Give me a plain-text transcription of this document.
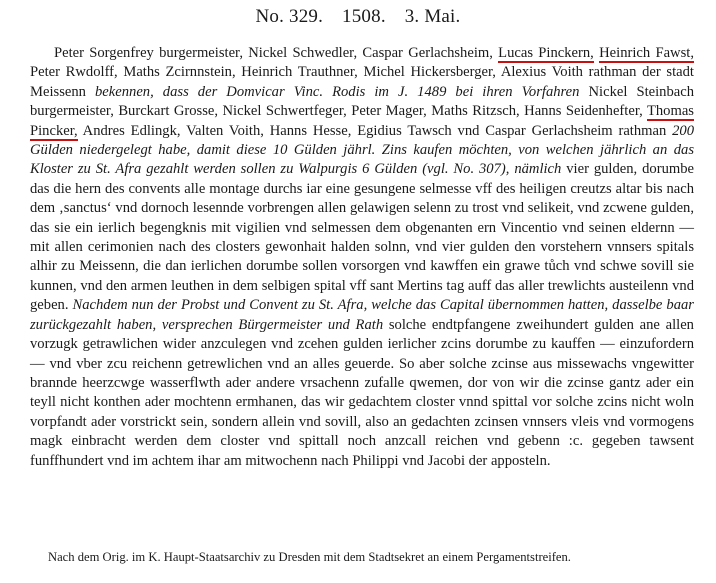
No. 329. 1508. 3. Mai.

Peter Sorgenfrey burgermeister, Nickel Schwedler, Caspar Gerlachsheim, Lucas Pinckern, Heinrich Fawst, Peter Rwdolff, Maths Zcirnnstein, Heinrich Trauthner, Michel Hickersberger, Alexius Voith rathman der stadt Meissenn bekennen, dass der Domvicar Vinc. Rodis im J. 1489 bei ihren Vorfahren Nickel Steinbach burgermeister, Burckart Grosse, Nickel Schwertfeger, Peter Mager, Maths Ritzsch, Hanns Seidenhefter, Thomas Pincker, Andres Edlingk, Valten Voith, Hanns Hesse, Egidius Tawsch vnd Caspar Gerlachsheim rathman 200 Gülden niedergelegt habe, damit diese 10 Gülden jährl. Zins kaufen möchten, von welchen jährlich an das Kloster zu St. Afra gezahlt werden sollen zu Walpurgis 6 Gülden (vgl. No. 307), nämlich vier gulden, dorumbe das die hern des convents alle montage durchs iar eine gesungene selmesse vff des heiligen creutzs altar bis nach dem ‚sanctus‘ vnd dornoch lesennde vorbrengen allen gelawigen selenn zu trost vnd selikeit, vnd zcwene gulden, das sie ein ierlich begengknis mit vigilien vnd selmessen dem obgenanten ern Vincentio vnd seinen eldernn — mit allen cerimonien nach des closters gewonhait halden solnn, vnd vier gulden den vorstehern vnnsers spitals alhir zu Meissenn, die dan ierlichen dorumbe sollen vorsorgen vnd kawffen ein grawe tůch vnd schwe sovill sie kunnen, vnd den armen leuthen in dem selbigen spital vff sant Mertins tag auff das aller trewlichts austeilenn vnd geben. Nachdem nun der Probst und Convent zu St. Afra, welche das Capital übernommen hatten, dasselbe baar zurückgezahlt haben, versprechen Bürgermeister und Rath solche endtpfangene zweihundert gulden ane allen vorzugk getrawlichen wider anzculegen vnd zcehen gulden ierlicher zcins dorumbe zu kauffen — einzufordern — vnd vber zcu reichenn getrewlichen vnd an alles geuerde. So aber solche zcinse aus missewachs vngewitter brannde heerzcwge wasserflwth ader andere vrsachenn zufalle qwemen, dor von wir die zcinse gantz ader ein teyll nicht konthen ader mochtenn ermhanen, das wir gedachtem closter vnnd spittal vor solche zcins nicht woln vorpfandt ader vorstrickt sein, sondern allein vnd sovill, also an gedachten zcinsen vnnsers vleis vnd vormogens magk einbracht werden dem closter vnd spittall noch anzcall reichen vnd gebenn :c. gegeben tawsent funffhundert vnd im achtem ihar am mitwochenn nach Philippi vnd Jacobi der apposteln.

Nach dem Orig. im K. Haupt-Staatsarchiv zu Dresden mit dem Stadtsekret an einem Pergamentstreifen.
